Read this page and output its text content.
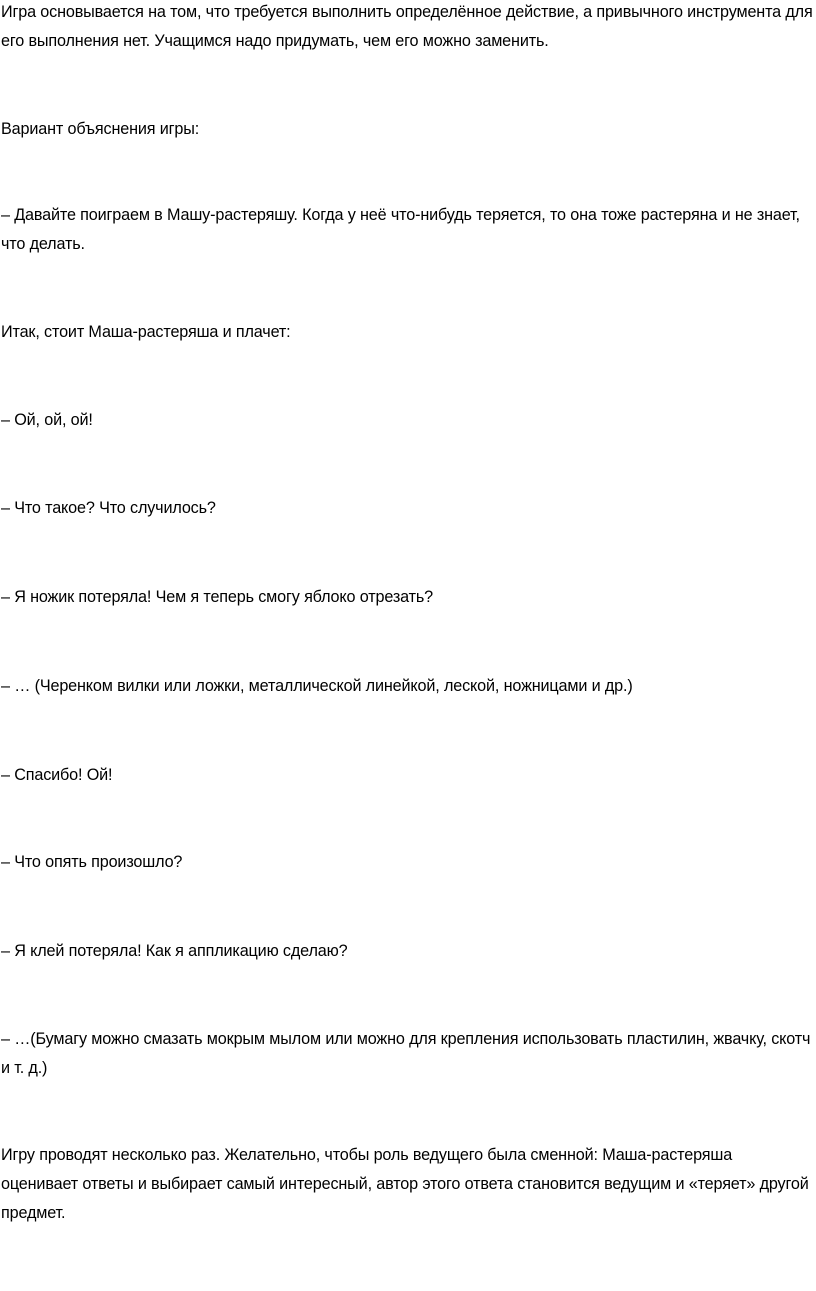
Игра основывается на том, что требуется выполнить определённое действие, а привычного инструмента для его выполнения нет. Учащимся надо придумать, чем его можно заменить.

Вариант объяснения игры:

– Давайте поиграем в Машу-растеряшу. Когда у неё что-нибудь теряется, то она тоже растеряна и не знает, что делать.

Итак, стоит Маша-растеряша и плачет:

– Ой, ой, ой!

– Что такое? Что случилось?

– Я ножик потеряла! Чем я теперь смогу яблоко отрезать?

– … (Черенком вилки или ложки, металлической линейкой, леской, ножницами и др.)

– Спасибо! Ой!

– Что опять произошло?

– Я клей потеряла! Как я аппликацию сделаю?

– …(Бумагу можно смазать мокрым мылом или можно для крепления использовать пластилин, жвачку, скотч и т. д.)

Игру проводят несколько раз. Желательно, чтобы роль ведущего была сменной: Маша-растеряша оценивает ответы и выбирает самый интересный, автор этого ответа становится ведущим и «теряет» другой предмет.
